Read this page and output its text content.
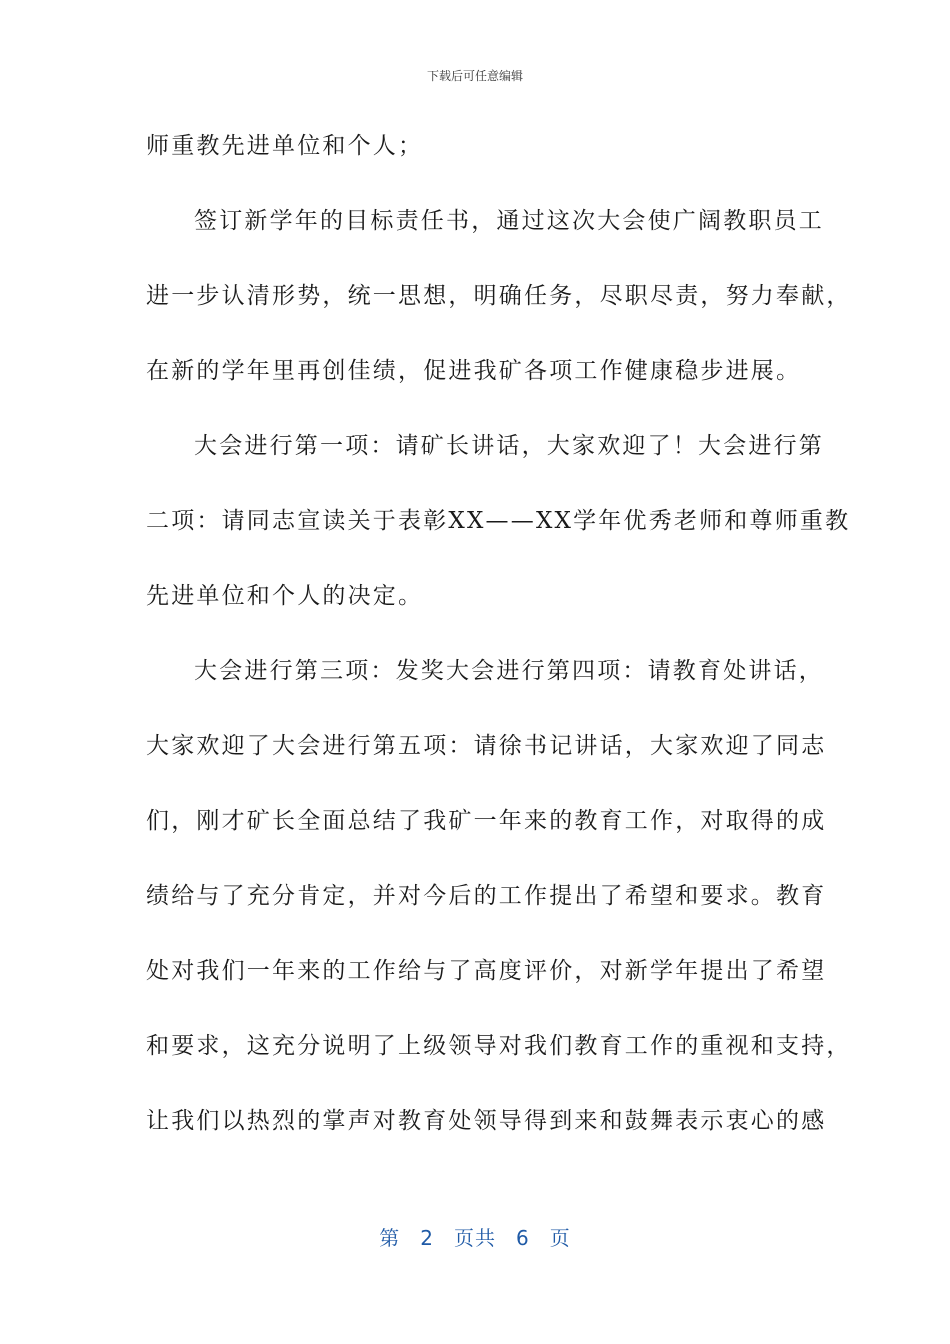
下载后可任意编辑
师重教先进单位和个人；
签订新学年的目标责任书，通过这次大会使广阔教职员工
进一步认清形势，统一思想，明确任务，尽职尽责，努力奉献，
在新的学年里再创佳绩，促进我矿各项工作健康稳步进展。
大会进行第一项：请矿长讲话，大家欢迎了！大会进行第
二项：请同志宣读关于表彰XX——XX学年优秀老师和尊师重教
先进单位和个人的决定。
大会进行第三项：发奖大会进行第四项：请教育处讲话，
大家欢迎了大会进行第五项：请徐书记讲话，大家欢迎了同志
们，刚才矿长全面总结了我矿一年来的教育工作，对取得的成
绩给与了充分肯定，并对今后的工作提出了希望和要求。教育
处对我们一年来的工作给与了高度评价，对新学年提出了希望
和要求，这充分说明了上级领导对我们教育工作的重视和支持，
让我们以热烈的掌声对教育处领导得到来和鼓舞表示衷心的感
第 2 页共 6 页
